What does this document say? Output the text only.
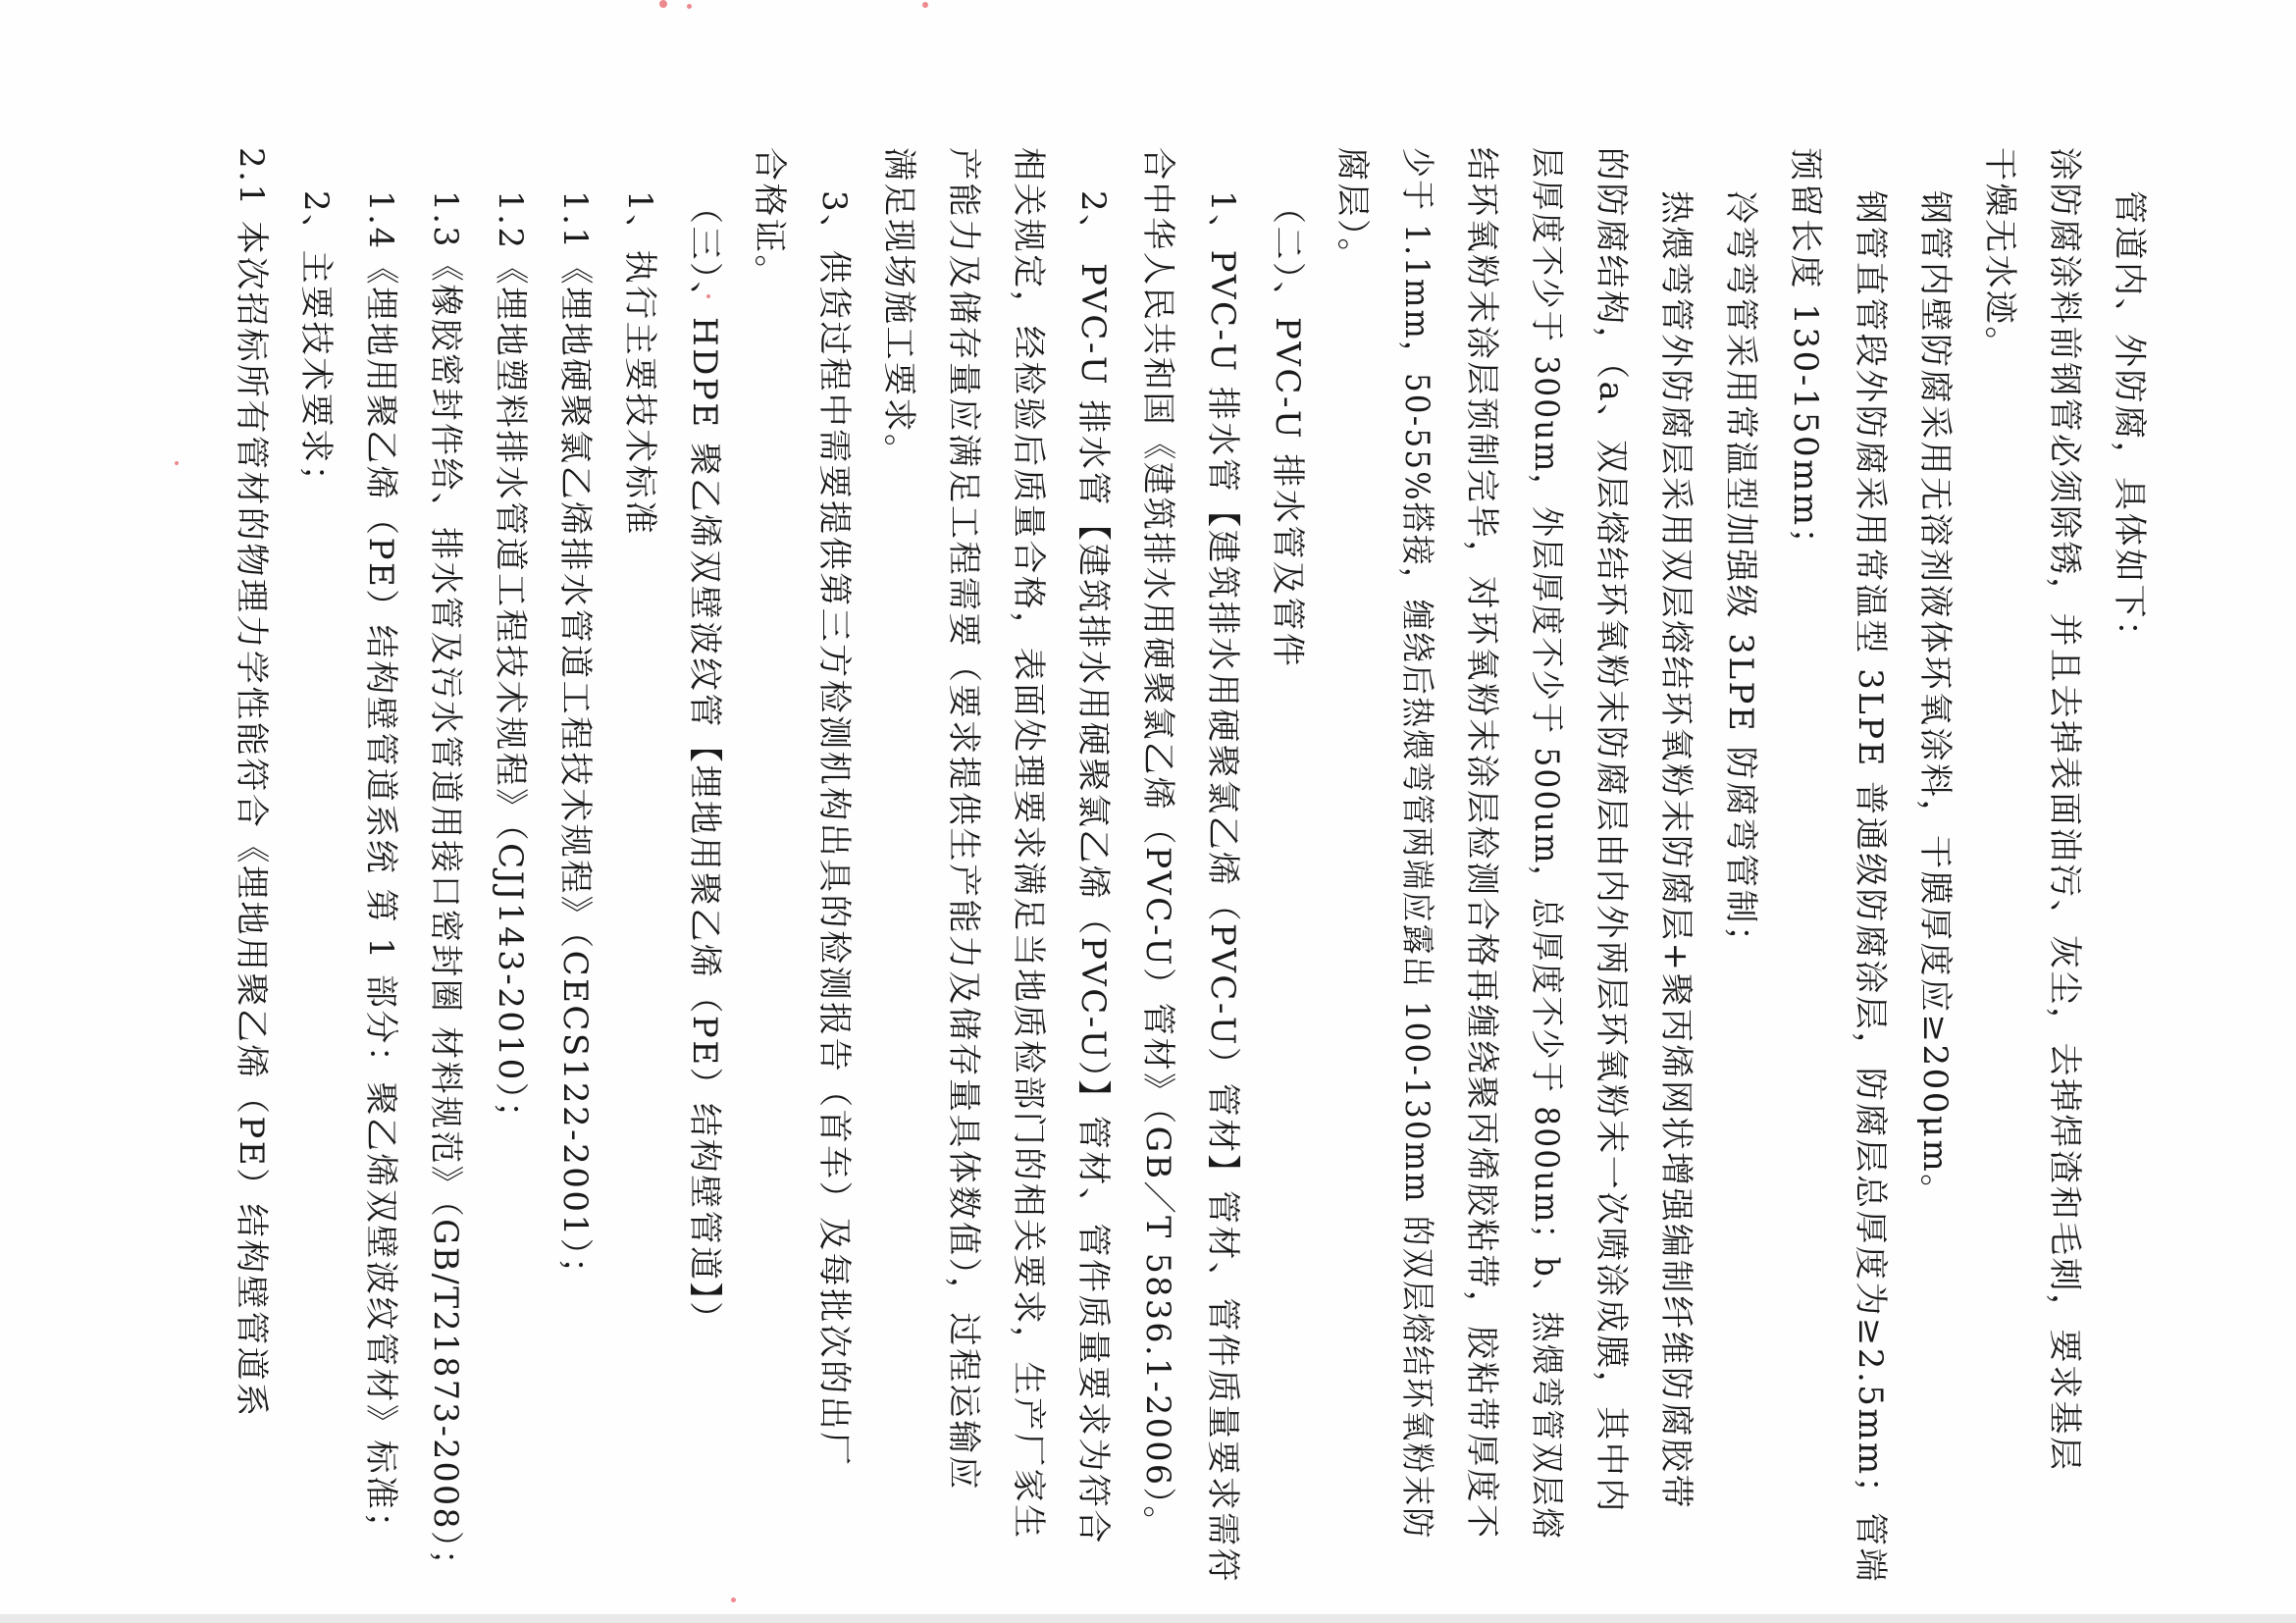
管道内、外防腐，具体如下：
涂防腐涂料前钢管必须除锈，并且去掉表面油污、灰尘，去掉焊渣和毛刺，要求基层
干燥无水迹。
钢管内壁防腐采用无溶剂液体环氧涂料，干膜厚度应≥200μm。
钢管直管段外防腐采用常温型 3LPE 普通级防腐涂层，防腐层总厚度为≥2.5mm；管端
预留长度 130-150mm；
冷弯弯管采用常温型加强级 3LPE 防腐弯管制；
热煨弯管外防腐层采用双层熔结环氧粉末防腐层+聚丙烯网状增强编制纤维防腐胶带
的防腐结构，（a、双层熔结环氧粉末防腐层由内外两层环氧粉末一次喷涂成膜，其中内
层厚度不少于 300um，外层厚度不少于 500um，总厚度不少于 800um；b、热煨弯管双层熔
结环氧粉末涂层预制完毕，对环氧粉末涂层检测合格再缠绕聚丙烯胶粘带，胶粘带厚度不
少于 1.1mm，50-55%搭接，缠绕后热煨弯管两端应露出 100-130mm 的双层熔结环氧粉末防
腐层）。
（二）、PVC-U 排水管及管件
1、PVC-U 排水管【建筑排水用硬聚氯乙烯（PVC-U）管材】管材、管件质量要求需符
合中华人民共和国《建筑排水用硬聚氯乙烯（PVC-U）管材》（GB／T 5836.1-2006）。
2、 PVC-U 排水管【建筑排水用硬聚氯乙烯（PVC-U）】管材、管件质量要求为符合
相关规定，经检验后质量合格，表面处理要求满足当地质检部门的相关要求，生产厂家生
产能力及储存量应满足工程需要（要求提供生产能力及储存量具体数值），过程运输应
满足现场施工要求。
3、供货过程中需要提供第三方检测机构出具的检测报告（首车）及每批次的出厂
合格证。
（三）、HDPE 聚乙烯双壁波纹管【埋地用聚乙烯（PE）结构壁管道】）
1、执行主要技术标准
1.1《埋地硬聚氯乙烯排水管道工程技术规程》（CECS122-2001）；
1.2《埋地塑料排水管道工程技术规程》（CJJ143-2010）；
1.3《橡胶密封件给、排水管及污水管道用接口密封圈 材料规范》（GB/T21873-2008）；
1.4《埋地用聚乙烯（PE）结构壁管道系统 第 1 部分：聚乙烯双壁波纹管材》标准；
2、主要技术要求；
2.1 本次招标所有管材的物理力学性能符合《埋地用聚乙烯（PE）结构壁管道系
